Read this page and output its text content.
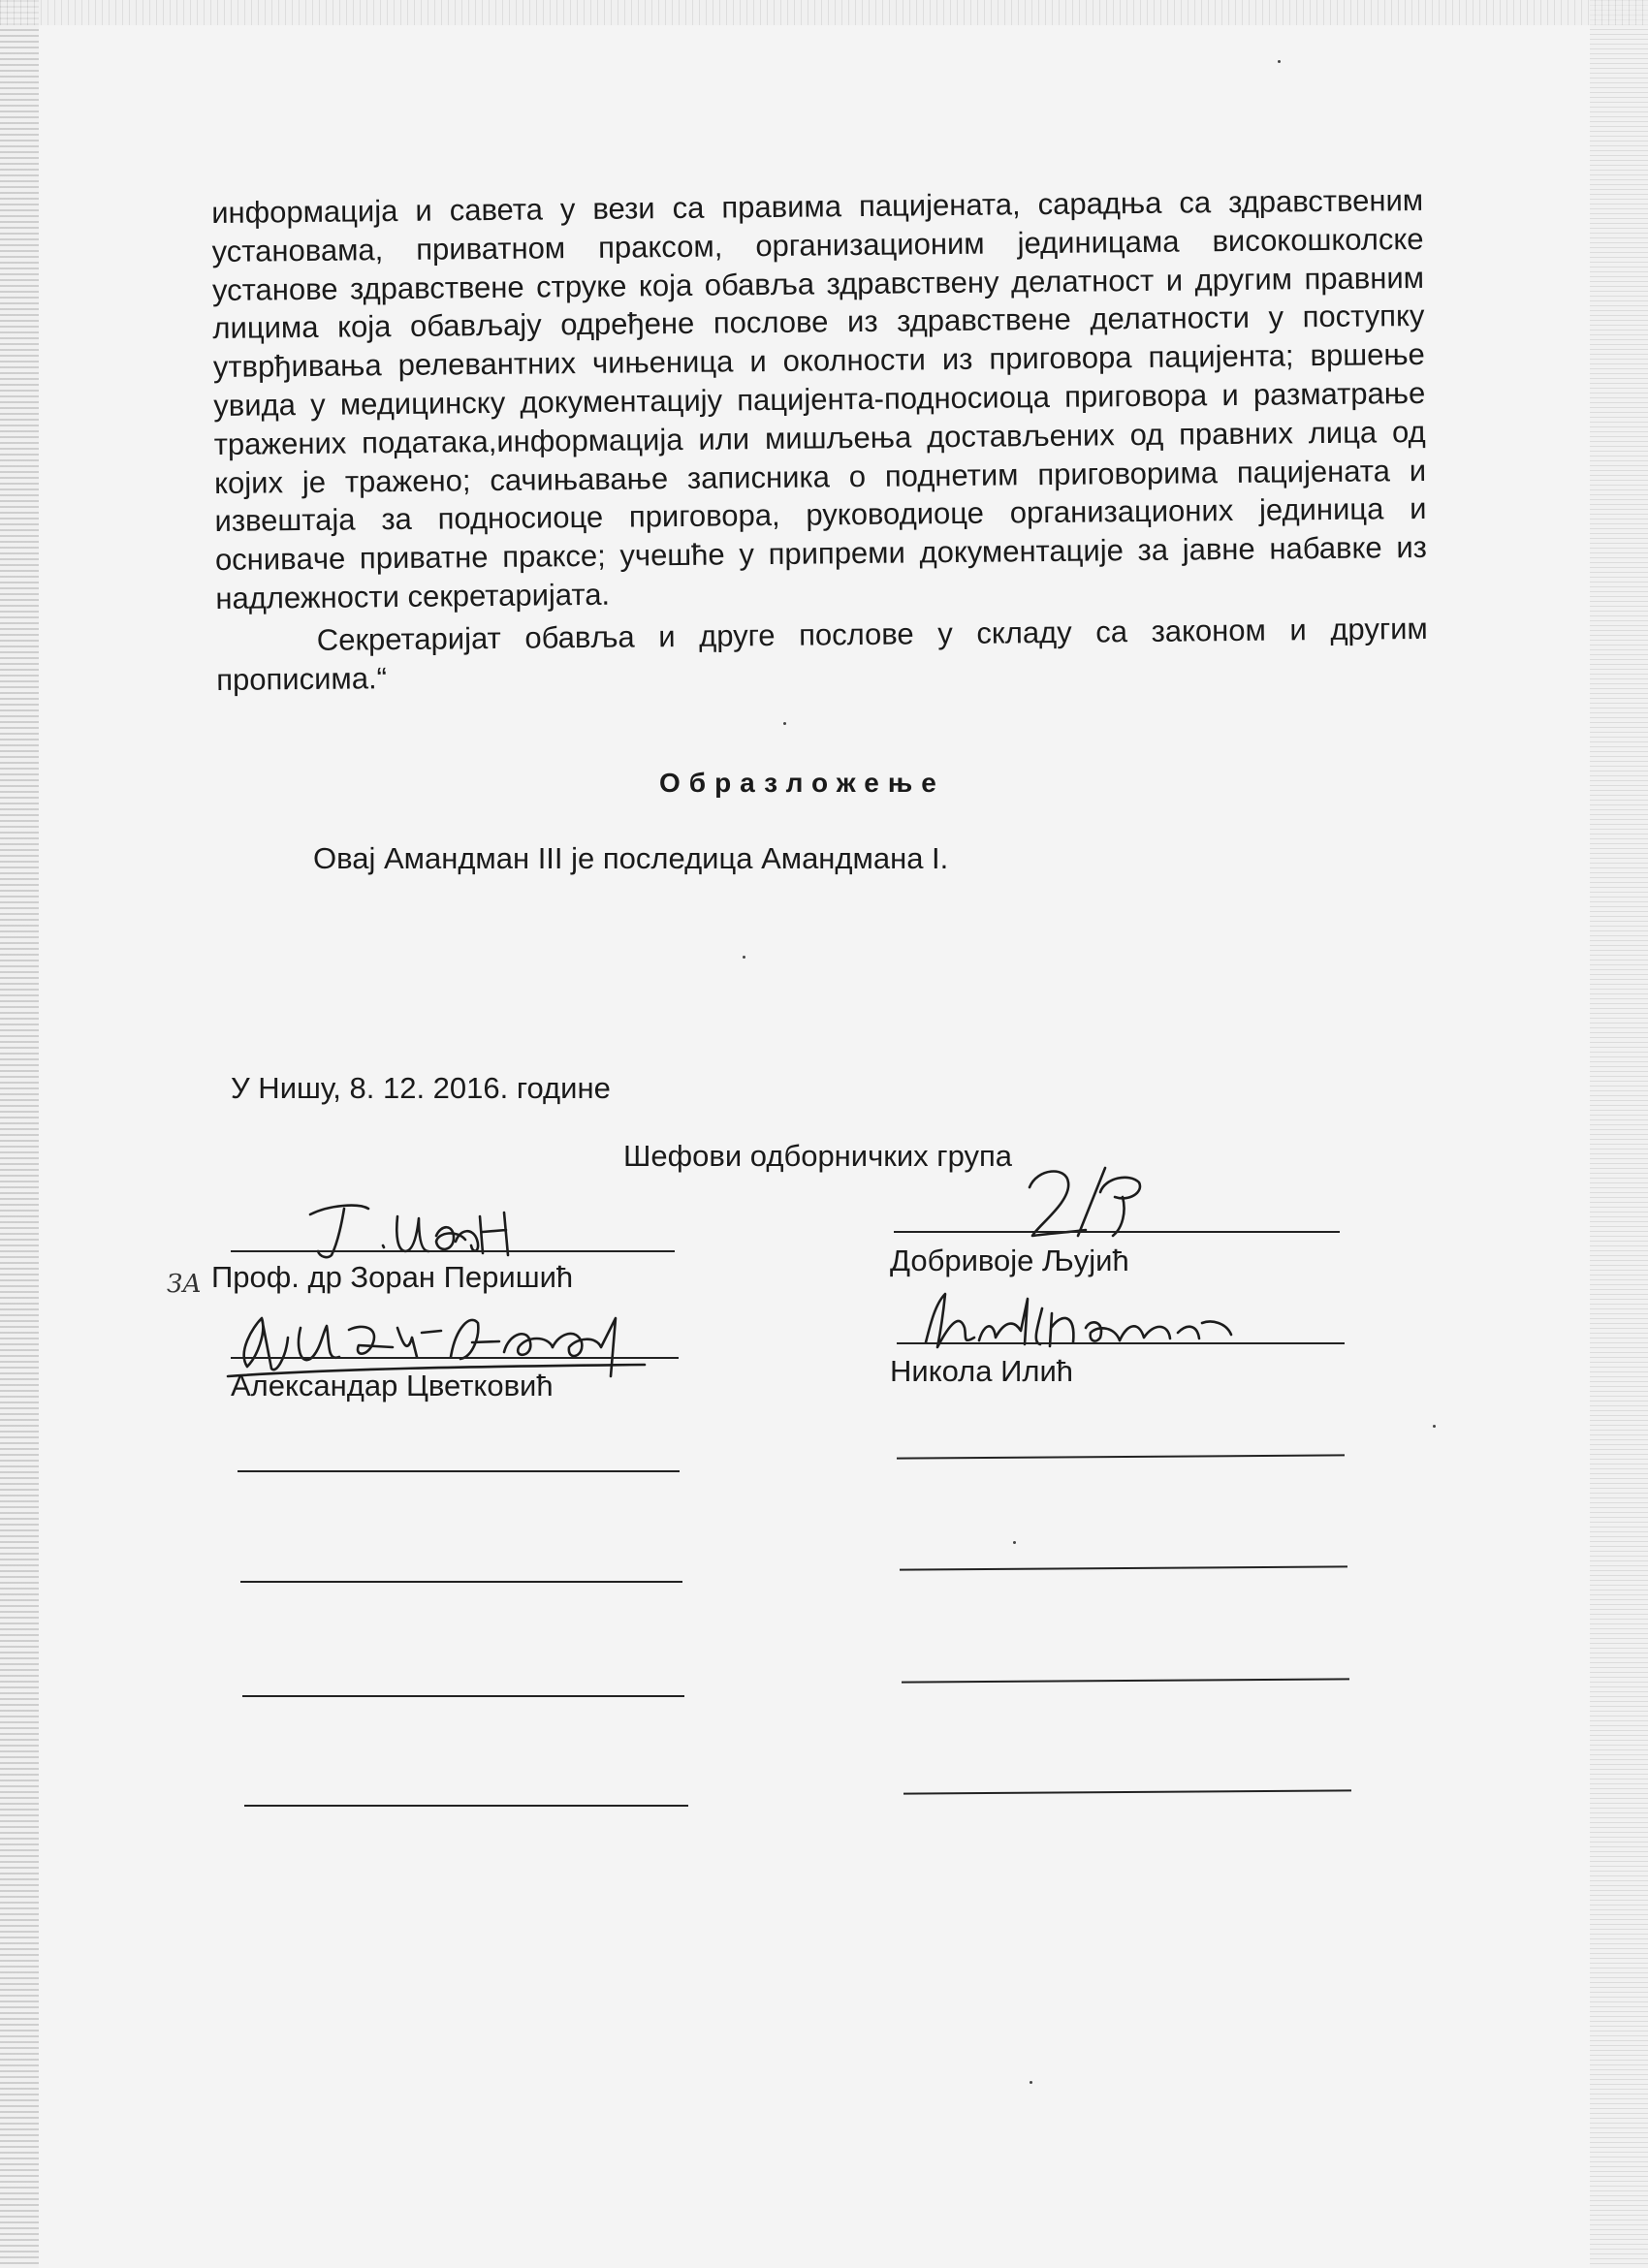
информација и савета у вези са правима пацијената, сарадња са здравственим установама, приватном праксом, организационим јединицама високошколске установе здравствене струке која обавља здравствену делатност и другим правним лицима која обављају одређене послове из здравствене делатности у поступку утврђивања релевантних чињеница и околности из приговора пацијента; вршење увида у медицинску документацију пацијента-подносиоца приговора и разматрање тражених података,информација или мишљења достављених од правних лица од којих је тражено; сачињавање записника о поднетим приговорима пацијената и извештаја за подносиоце приговора, руководиоце организационих јединица и оснивaче приватне праксе; учешће у припреми документације за јавне набавке из надлежности секретаријата.

Секретаријат обавља и друге послове у складу са законом и другим прописима.“

Образложење
Овај Амандман III је последица Амандмана I.
У Нишу, 8. 12. 2016. године
Шефови одборничких група
ЗА Проф. др Зоран Перишић
Александар Цветковић
Добривоје Љујић
Никола Илић
